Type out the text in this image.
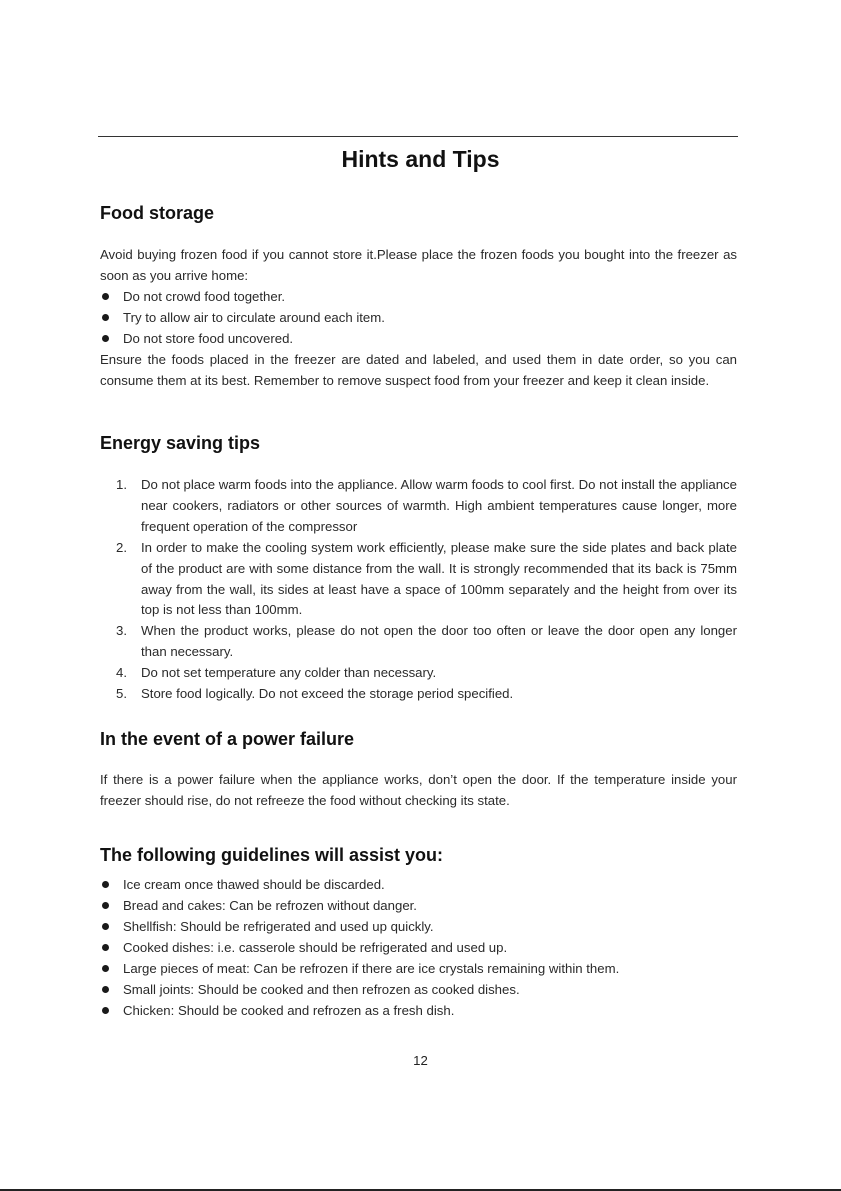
Hints and Tips
Food storage

Avoid buying frozen food if you cannot store it.Please place the frozen foods you bought into the freezer as soon as you arrive home:

Do not crowd food together.
Try to allow air to circulate around each item.
Do not store food uncovered.

Ensure the foods placed in the freezer are dated and labeled, and used them in date order, so you can consume them at its best. Remember to remove suspect food from your freezer and keep it clean inside.

Energy saving tips
1. Do not place warm foods into the appliance. Allow warm foods to cool first. Do not install the appliance near cookers, radiators or other sources of warmth. High ambient temperatures cause longer, more frequent operation of the compressor
2. In order to make the cooling system work efficiently, please make sure the side plates and back plate of the product are with some distance from the wall. It is strongly recommended that its back is 75mm away from the wall, its sides at least have a space of 100mm separately and the height from over its top is not less than 100mm.
3. When the product works, please do not open the door too often or leave the door open any longer than necessary.
4. Do not set temperature any colder than necessary.
5. Store food logically. Do not exceed the storage period specified.
In the event of a power failure

If there is a power failure when the appliance works, don’t open the door. If the temperature inside your freezer should rise, do not refreeze the food without checking its state.

The following guidelines will assist you:
Ice cream once thawed should be discarded.
Bread and cakes: Can be refrozen without danger.
Shellfish: Should be refrigerated and used up quickly.
Cooked dishes: i.e. casserole should be refrigerated and used up.
Large pieces of meat: Can be refrozen if there are ice crystals remaining within them.
Small joints: Should be cooked and then refrozen as cooked dishes.
Chicken: Should be cooked and refrozen as a fresh dish.
12
